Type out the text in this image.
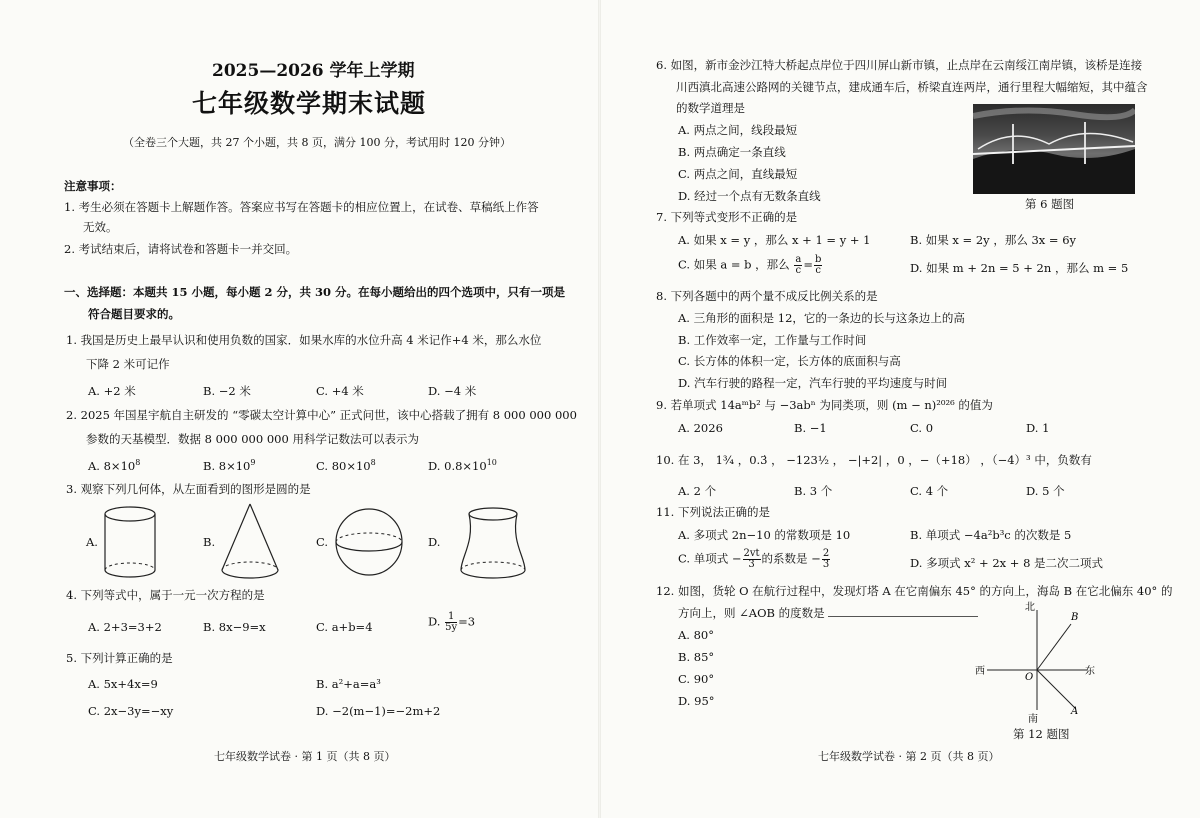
2025—2026 学年上学期
七年级数学期末试题
（全卷三个大题，共 27 个小题，共 8 页，满分 100 分，考试用时 120 分钟）
注意事项：
1. 考生必须在答题卡上解题作答。答案应书写在答题卡的相应位置上，在试卷、草稿纸上作答
无效。
2. 考试结束后，请将试卷和答题卡一并交回。
一、选择题：本题共 15 小题，每小题 2 分，共 30 分。在每小题给出的四个选项中，只有一项是
符合题目要求的。
1. 我国是历史上最早认识和使用负数的国家．如果水库的水位升高 4 米记作+4 米，那么水位
下降 2 米可记作
A. +2 米	B. −2 米	C. +4 米	D. −4 米
2. 2025 年国星宇航自主研发的 “零碳太空计算中心” 正式问世，该中心搭载了拥有 8 000 000 000
参数的天基模型．数据 8 000 000 000 用科学记数法可以表示为
A. $8\times 10^8$	B. $8\times 10^9$	C. $80\times 10^8$	D. $0.8\times 10^{10}$
3. 观察下列几何体，从左面看到的图形是圆的是
A.	B.	C.	D.
4. 下列等式中，属于一元一次方程的是
A. 2+3=3+2	B. 8x−9=x	C. a+b=4	D. $\frac{1}{5y} =3$
5. 下列计算正确的是
A. 5x+4x=9	B. a²+a=a³
C. 2x−3y=−xy	D. −2(m−1)=−2m+2
七年级数学试卷 · 第 1 页（共 8 页）
6. 如图，新市金沙江特大桥起点岸位于四川屏山新市镇，止点岸在云南绥江南岸镇，该桥是连接
川西滇北高速公路网的关键节点，建成通车后，桥梁直连两岸，通行里程大幅缩短，其中蕴含
的数学道理是
A. 两点之间，线段最短
B. 两点确定一条直线
C. 两点之间，直线最短
D. 经过一个点有无数条直线
第 6 题图
7. 下列等式变形不正确的是
A. 如果 x = y ，那么 x + 1 = y + 1	B. 如果 x = 2y ，那么 3x = 6y
C. 如果 a = b ，那么 $\frac{a}{c} = \frac{b}{c}$	D. 如果 m + 2n = 5 + 2n ，那么 m = 5
8. 下列各题中的两个量不成反比例关系的是
A. 三角形的面积是 12，它的一条边的长与这条边上的高
B. 工作效率一定，工作量与工作时间
C. 长方体的体积一定，长方体的底面积与高
D. 汽车行驶的路程一定，汽车行驶的平均速度与时间
9. 若单项式 14aᵐb² 与 −3abⁿ 为同类项，则 (m − n)²⁰²⁶ 的值为
A. 2026	B. −1	C. 0	D. 1
10. 在 3， 1¾ ，0.3̇ ， −123½ ， −|+2| ，0 ，−（+18） ，（−4）³ 中，负数有
A. 2 个	B. 3 个	C. 4 个	D. 5 个
11. 下列说法正确的是
A. 多项式 2n−10 的常数项是 10	B. 单项式 −4a²b³c 的次数是 5
C. 单项式 − $\frac{2vt}{3}$ 的系数是 − $\frac{2}{3}$	D. 多项式 x² + 2x + 8 是二次二项式
12. 如图，货轮 O 在航行过程中，发现灯塔 A 在它南偏东 45° 的方向上，海岛 B 在它北偏东 40° 的
方向上，则 ∠AOB 的度数是
A. 80°
B. 85°
C. 90°
D. 95°
北
南
西	东
O
B
A
第 12 题图
七年级数学试卷 · 第 2 页（共 8 页）
